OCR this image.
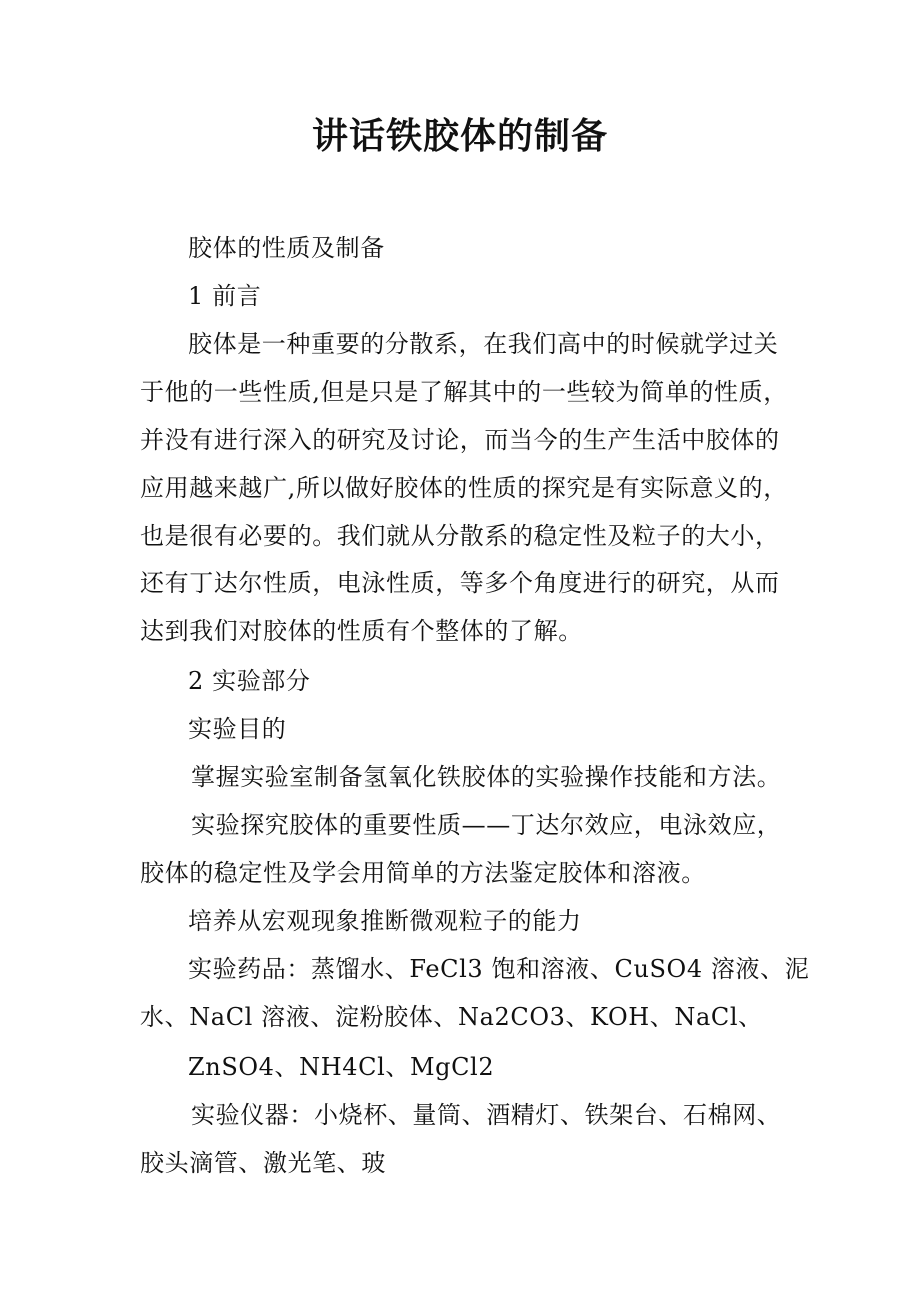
讲话铁胶体的制备
胶体的性质及制备
1 前言
胶体是一种重要的分散系，在我们高中的时候就学过关
于他的一些性质,但是只是了解其中的一些较为简单的性质，
并没有进行深入的研究及讨论，而当今的生产生活中胶体的
应用越来越广,所以做好胶体的性质的探究是有实际意义的，
也是很有必要的。我们就从分散系的稳定性及粒子的大小，
还有丁达尔性质，电泳性质，等多个角度进行的研究，从而
达到我们对胶体的性质有个整体的了解。
2 实验部分
实验目的
掌握实验室制备氢氧化铁胶体的实验操作技能和方法。
实验探究胶体的重要性质——丁达尔效应，电泳效应，
胶体的稳定性及学会用简单的方法鉴定胶体和溶液。
培养从宏观现象推断微观粒子的能力
实验药品：蒸馏水、FeCl3 饱和溶液、CuSO4 溶液、泥
水、NaCl 溶液、淀粉胶体、Na2CO3、KOH、NaCl、
ZnSO4、NH4Cl、MgCl2
实验仪器：小烧杯、量筒、酒精灯、铁架台、石棉网、
胶头滴管、激光笔、玻
